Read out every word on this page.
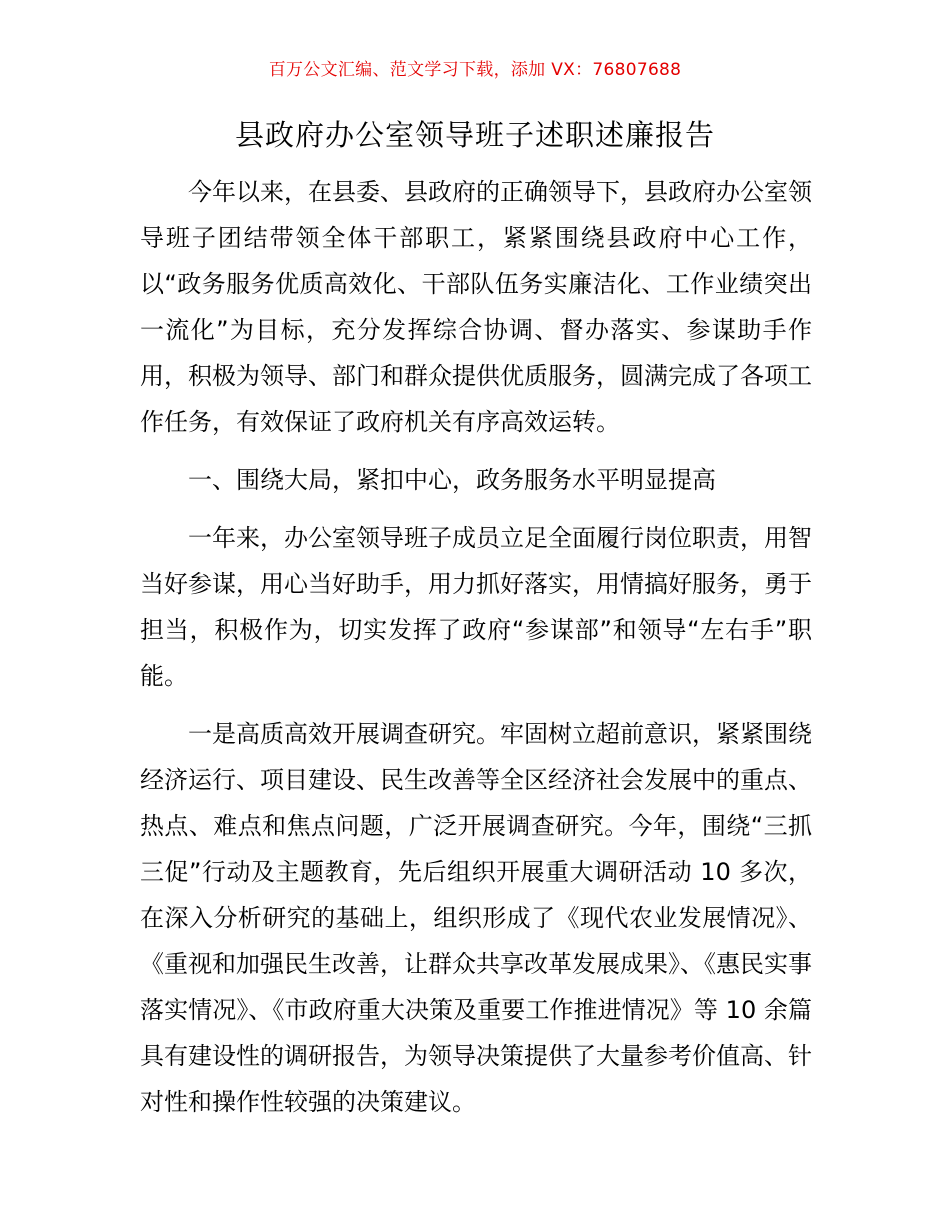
百万公文汇编、范文学习下载，添加 VX：76807688
县政府办公室领导班子述职述廉报告

今年以来，在县委、县政府的正确领导下，县政府办公室领导班子团结带领全体干部职工，紧紧围绕县政府中心工作，以“政务服务优质高效化、干部队伍务实廉洁化、工作业绩突出一流化”为目标，充分发挥综合协调、督办落实、参谋助手作用，积极为领导、部门和群众提供优质服务，圆满完成了各项工作任务，有效保证了政府机关有序高效运转。

一、围绕大局，紧扣中心，政务服务水平明显提高

一年来，办公室领导班子成员立足全面履行岗位职责，用智当好参谋，用心当好助手，用力抓好落实，用情搞好服务，勇于担当，积极作为，切实发挥了政府“参谋部”和领导“左右手”职能。

一是高质高效开展调查研究。牢固树立超前意识，紧紧围绕经济运行、项目建设、民生改善等全区经济社会发展中的重点、热点、难点和焦点问题，广泛开展调查研究。今年，围绕“三抓三促”行动及主题教育，先后组织开展重大调研活动 10 多次，在深入分析研究的基础上，组织形成了《现代农业发展情况》、《重视和加强民生改善，让群众共享改革发展成果》、《惠民实事落实情况》、《市政府重大决策及重要工作推进情况》等 10 余篇具有建设性的调研报告，为领导决策提供了大量参考价值高、针对性和操作性较强的决策建议。
